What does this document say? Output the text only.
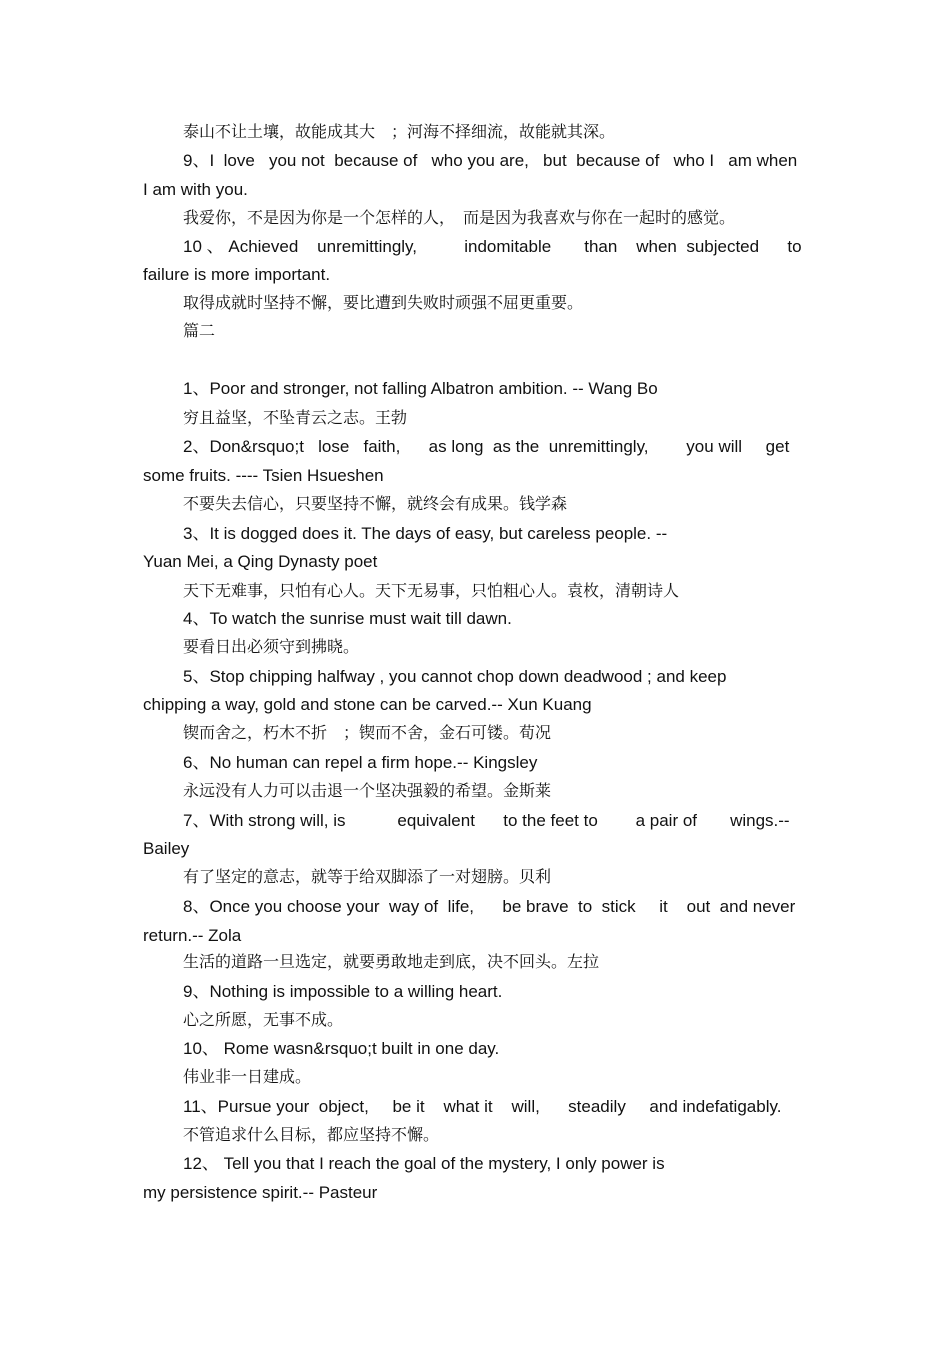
泰山不让土壤，故能成其大　；河海不择细流，故能就其深。
9、I  love   you not  because of   who you are,   but  because of   who I   am when
I am with you.
我爱你，不是因为你是一个怎样的人，　而是因为我喜欢与你在一起时的感觉。
10 、 Achieved    unremittingly,          indomitable       than    when  subjected      to
failure is more important.
取得成就时坚持不懈，要比遭到失败时顽强不屈更重要。
篇二
1、Poor and stronger, not falling Albatron ambition. -- Wang Bo
穷且益坚，不坠青云之志。王勃
2、Don&rsquo;t   lose   faith,      as long  as the  unremittingly,        you will     get
some fruits. ---- Tsien Hsueshen
不要失去信心，只要坚持不懈，就终会有成果。钱学森
3、It is dogged does it. The days of easy, but careless people. --
Yuan Mei, a Qing Dynasty poet
天下无难事，只怕有心人。天下无易事，只怕粗心人。袁枚，清朝诗人
4、To watch the sunrise must wait till dawn.
要看日出必须守到拂晓。
5、Stop chipping halfway , you cannot chop down deadwood ; and keep
chipping a way, gold and stone can be carved.-- Xun Kuang
锲而舍之，朽木不折　；锲而不舍，金石可镂。荀况
6、No human can repel a firm hope.-- Kingsley
永远没有人力可以击退一个坚决强毅的希望。金斯莱
7、With strong will, is           equivalent      to the feet to        a pair of       wings.--
Bailey
有了坚定的意志，就等于给双脚添了一对翅膀。贝利
8、Once you choose your  way of  life,      be brave  to  stick     it    out  and never
return.-- Zola
生活的道路一旦选定，就要勇敢地走到底，决不回头。左拉
9、Nothing is impossible to a willing heart.
心之所愿，无事不成。
10、 Rome wasn&rsquo;t built in one day.
伟业非一日建成。
11、Pursue your  object,     be it    what it    will,      steadily     and indefatigably.
不管追求什么目标，都应坚持不懈。
12、 Tell you that I reach the goal of the mystery, I only power is
my persistence spirit.-- Pasteur
